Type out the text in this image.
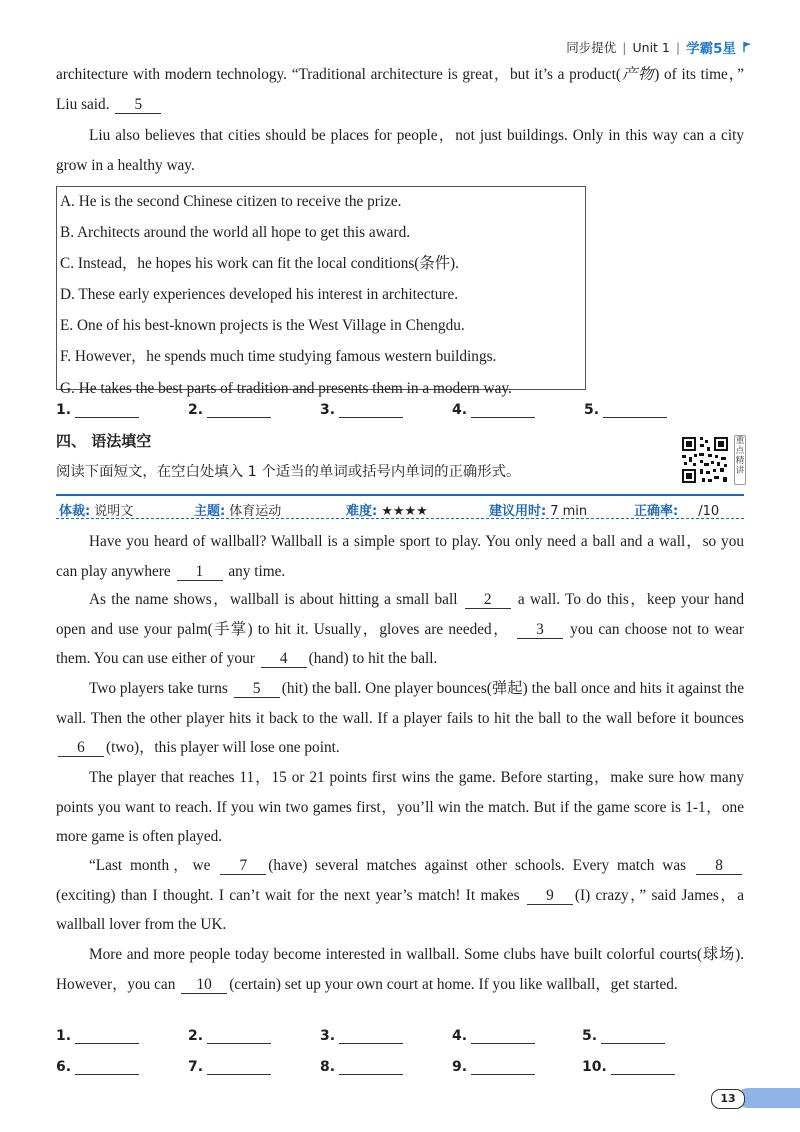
同步提优 | Unit 1 | 学霸5星
architecture with modern technology. “Traditional architecture is great，but it’s a product(产物) of its time，” Liu said. 5
Liu also believes that cities should be places for people，not just buildings. Only in this way can a city grow in a healthy way.
A. He is the second Chinese citizen to receive the prize.
B. Architects around the world all hope to get this award.
C. Instead，he hopes his work can fit the local conditions(条件).
D. These early experiences developed his interest in architecture.
E. One of his best-known projects is the West Village in Chengdu.
F. However，he spends much time studying famous western buildings.
G. He takes the best parts of tradition and presents them in a modern way.
1.	2.	3.	4.	5.
四、 语法填空
阅读下面短文，在空白处填入 1 个适当的单词或括号内单词的正确形式。
重点精讲
体裁: 说明文	主题: 体育运动	难度: ★★★★	建议用时: 7 min	正确率: /10
Have you heard of wallball? Wallball is a simple sport to play. You only need a ball and a wall，so you can play anywhere 1 any time.
As the name shows，wallball is about hitting a small ball 2 a wall. To do this，keep your hand open and use your palm(手掌) to hit it. Usually，gloves are needed， 3 you can choose not to wear them. You can use either of your 4 (hand) to hit the ball.
Two players take turns 5 (hit) the ball. One player bounces(弹起) the ball once and hits it against the wall. Then the other player hits it back to the wall. If a player fails to hit the ball to the wall before it bounces 6 (two)，this player will lose one point.
The player that reaches 11，15 or 21 points first wins the game. Before starting，make sure how many points you want to reach. If you win two games first，you’ll win the match. But if the game score is 1-1，one more game is often played.
“Last month，we 7 (have) several matches against other schools. Every match was 8 (exciting) than I thought. I can’t wait for the next year’s match! It makes 9 (I) crazy，” said James，a wallball lover from the UK.
More and more people today become interested in wallball. Some clubs have built colorful courts(球场). However，you can 10 (certain) set up your own court at home. If you like wallball，get started.
1.	2.	3.	4.	5.
6.	7.	8.	9.	10.
13
